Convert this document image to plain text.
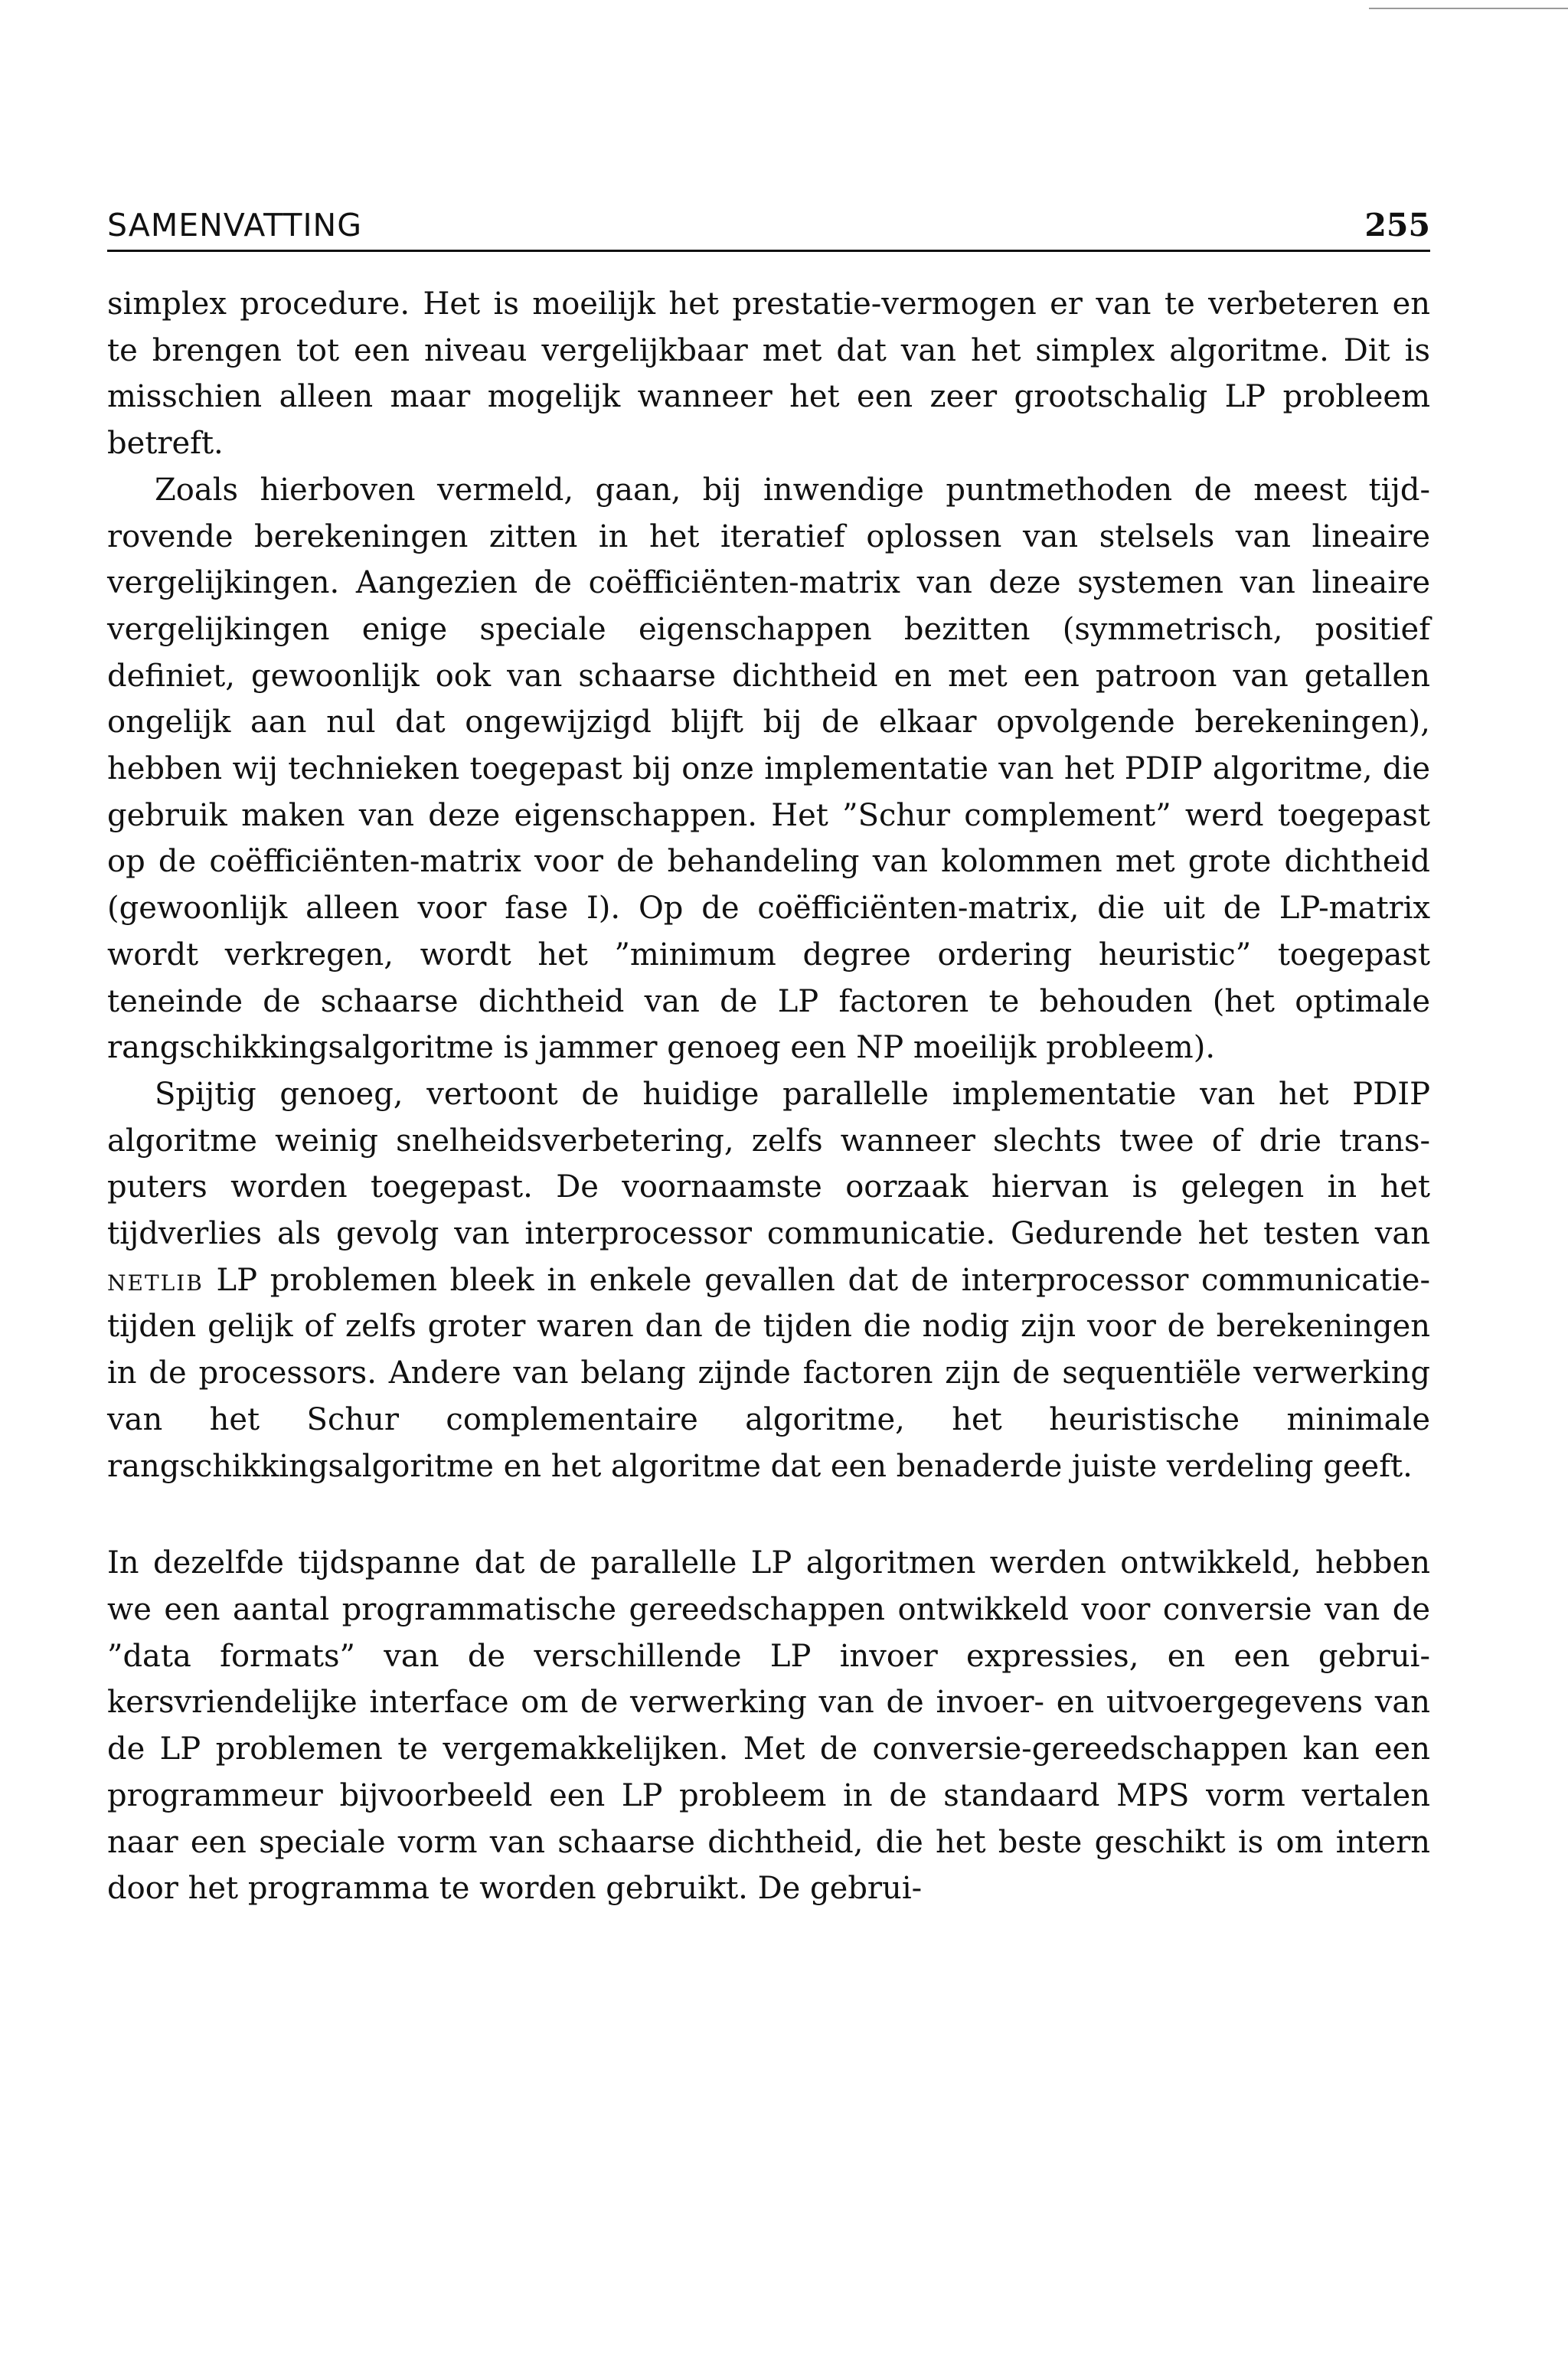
SAMENVATTING	255

simplex procedure. Het is moeilijk het prestatie-vermogen er van te verbeteren en te brengen tot een niveau vergelijkbaar met dat van het simplex algoritme. Dit is misschien alleen maar mogelijk wanneer het een zeer grootschalig LP probleem betreft.

Zoals hierboven vermeld, gaan, bij inwendige puntmethoden de meest tijdrovende berekeningen zitten in het iteratief oplossen van stelsels van lineaire vergelijkingen. Aangezien de coëfficiënten-matrix van deze systemen van lineaire vergelijkingen enige speciale eigenschappen bezitten (symmetrisch, positief definiet, gewoonlijk ook van schaarse dichtheid en met een patroon van getallen ongelijk aan nul dat ongewijzigd blijft bij de elkaar opvolgende berekeningen), hebben wij technieken toegepast bij onze implementatie van het PDIP algoritme, die gebruik maken van deze eigenschappen. Het ”Schur complement” werd toegepast op de coëfficiënten-matrix voor de behandeling van kolommen met grote dichtheid (gewoonlijk alleen voor fase I). Op de coëfficiënten-matrix, die uit de LP-matrix wordt verkregen, wordt het ”minimum degree ordering heuristic” toegepast teneinde de schaarse dichtheid van de LP factoren te behouden (het optimale rangschikkingsalgoritme is jammer genoeg een NP moeilijk probleem).

Spijtig genoeg, vertoont de huidige parallelle implementatie van het PDIP algoritme weinig snelheidsverbetering, zelfs wanneer slechts twee of drie transputers worden toegepast. De voornaamste oorzaak hiervan is gelegen in het tijdverlies als gevolg van interprocessor communicatie. Gedurende het testen van netlib LP problemen bleek in enkele gevallen dat de interprocessor communicatie-tijden gelijk of zelfs groter waren dan de tijden die nodig zijn voor de berekeningen in de processors. Andere van belang zijnde factoren zijn de sequentiële verwerking van het Schur complementaire algoritme, het heuristische minimale rangschikkingsalgoritme en het algoritme dat een benaderde juiste verdeling geeft.

In dezelfde tijdspanne dat de parallelle LP algoritmen werden ontwikkeld, hebben we een aantal programmatische gereedschappen ontwikkeld voor conversie van de ”data formats” van de verschillende LP invoer expressies, en een gebruikersvriendelijke interface om de verwerking van de invoer- en uitvoergegevens van de LP problemen te vergemakkelijken. Met de conversie-gereedschappen kan een programmeur bijvoorbeeld een LP probleem in de standaard MPS vorm vertalen naar een speciale vorm van schaarse dichtheid, die het beste geschikt is om intern door het programma te worden gebruikt. De gebrui-
